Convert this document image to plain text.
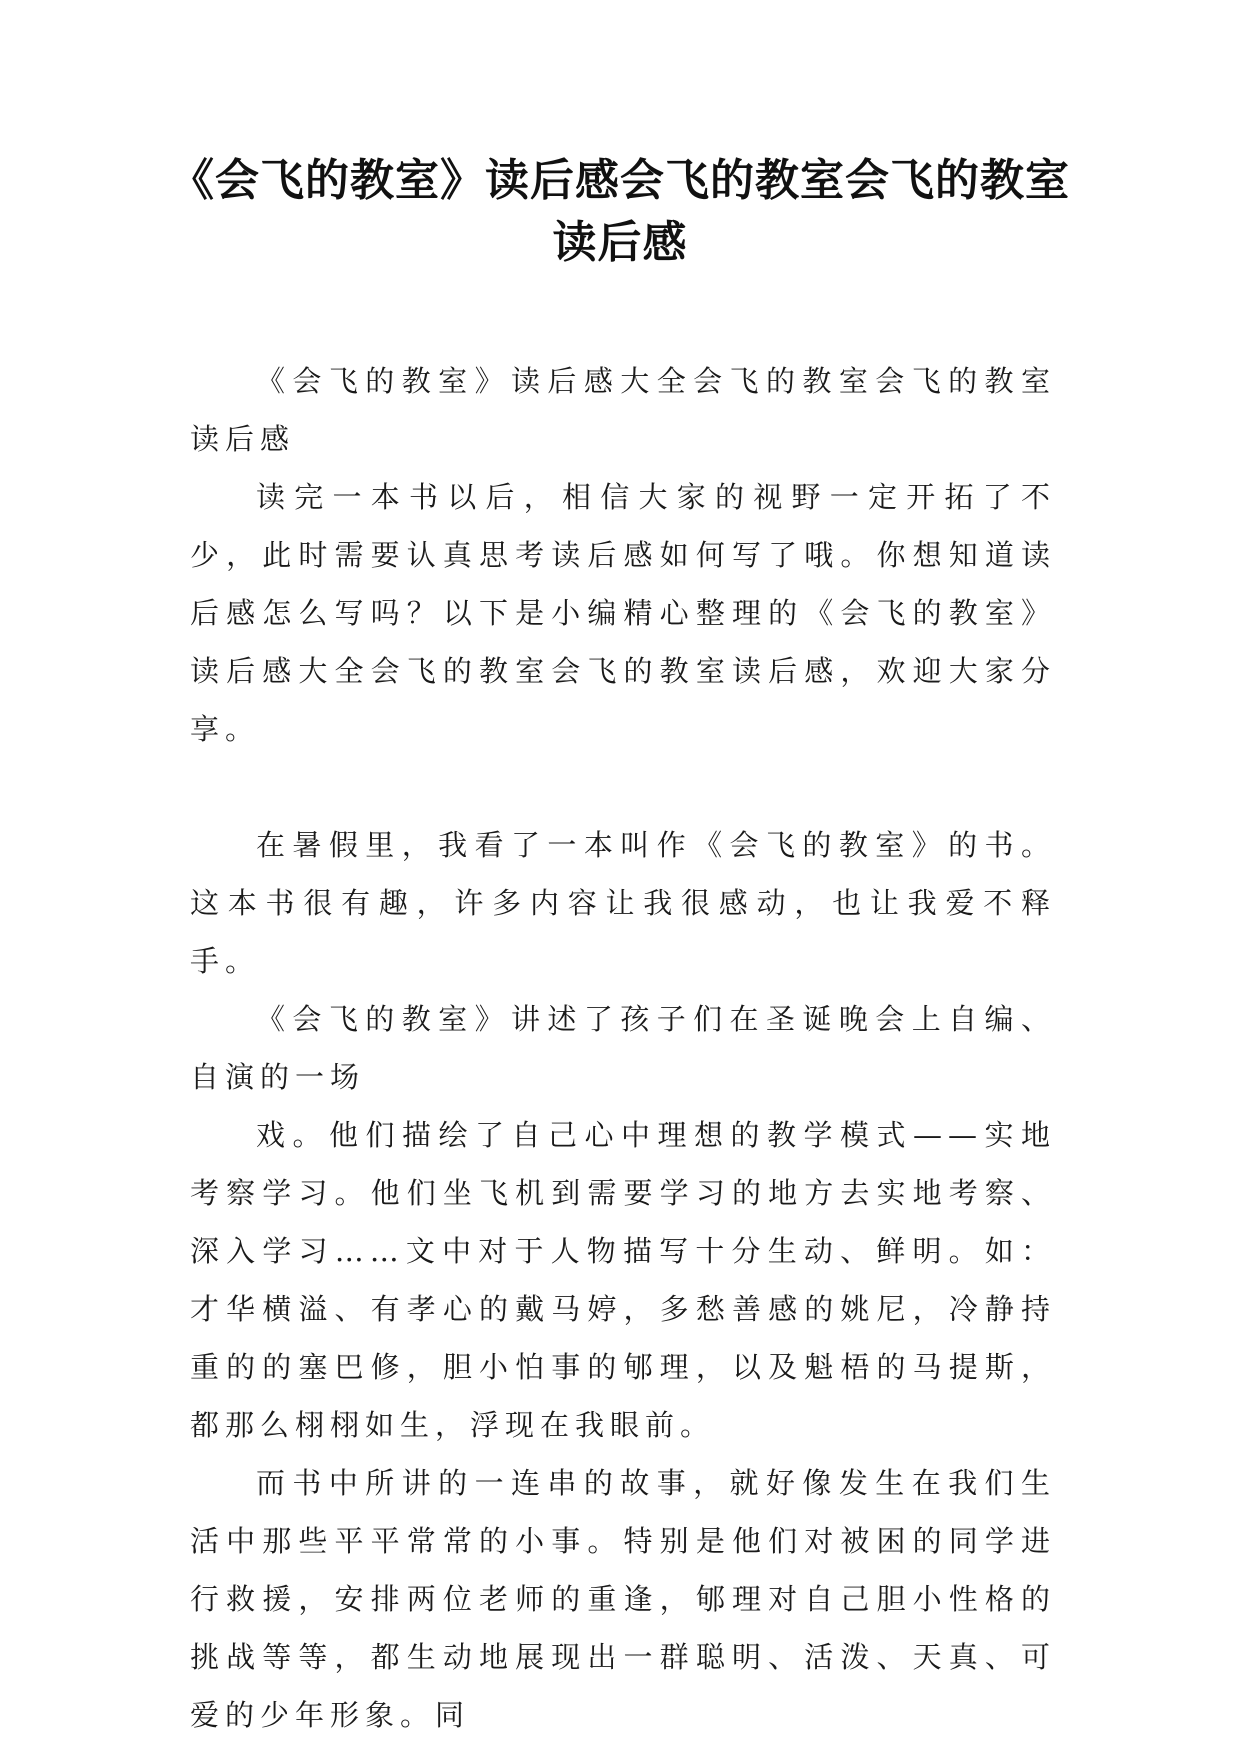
《会飞的教室》读后感会飞的教室会飞的教室读后感

《会飞的教室》读后感大全会飞的教室会飞的教室读后感

读完一本书以后，相信大家的视野一定开拓了不少，此时需要认真思考读后感如何写了哦。你想知道读后感怎么写吗？以下是小编精心整理的《会飞的教室》读后感大全会飞的教室会飞的教室读后感，欢迎大家分享。

在暑假里，我看了一本叫作《会飞的教室》的书。这本书很有趣，许多内容让我很感动，也让我爱不释手。

《会飞的教室》讲述了孩子们在圣诞晚会上自编、自演的一场

戏。他们描绘了自己心中理想的教学模式——实地考察学习。他们坐飞机到需要学习的地方去实地考察、深入学习……文中对于人物描写十分生动、鲜明。如：才华横溢、有孝心的戴马婷，多愁善感的姚尼，冷静持重的的塞巴修，胆小怕事的郇理，以及魁梧的马提斯，都那么栩栩如生，浮现在我眼前。

而书中所讲的一连串的故事，就好像发生在我们生活中那些平平常常的小事。特别是他们对被困的同学进行救援，安排两位老师的重逢，郇理对自己胆小性格的挑战等等，都生动地展现出一群聪明、活泼、天真、可爱的少年形象。同
